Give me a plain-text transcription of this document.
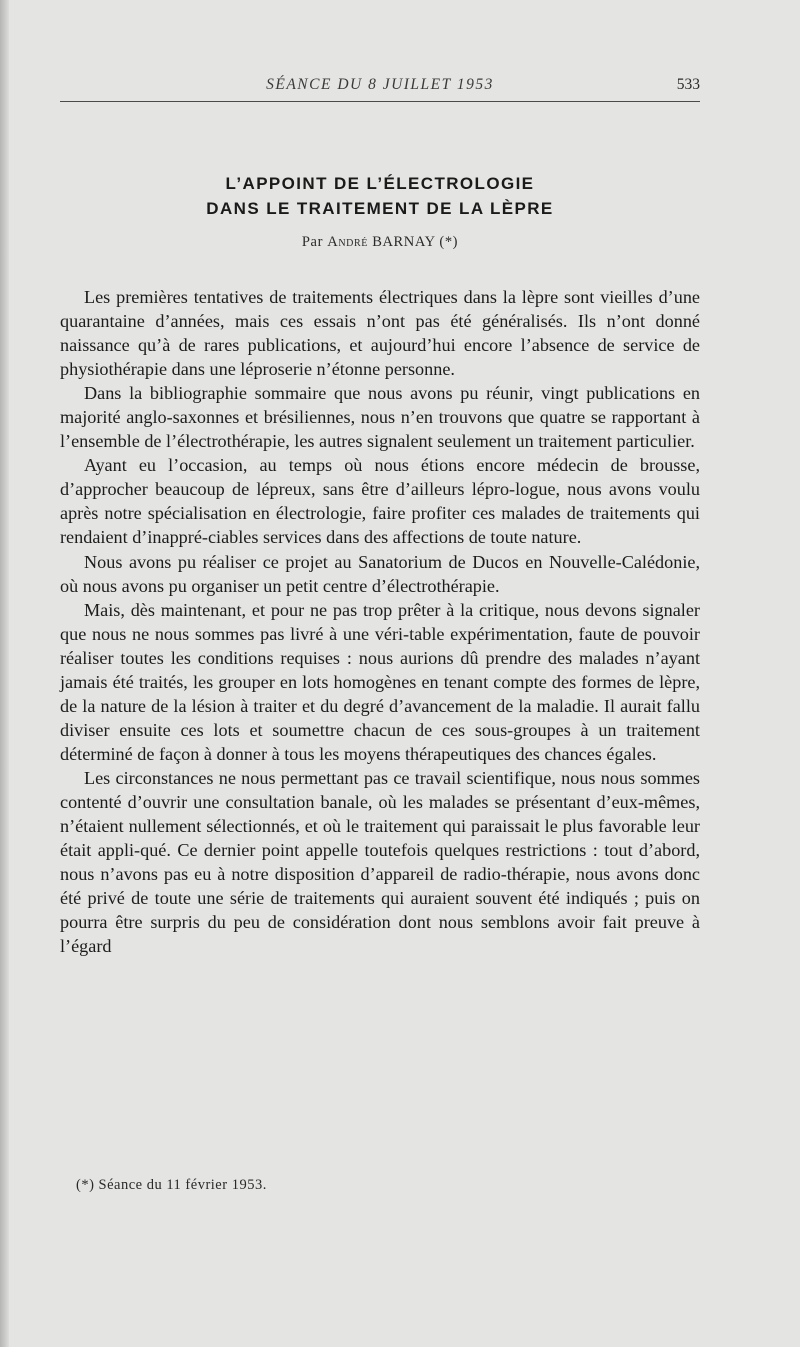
SÉANCE DU 8 JUILLET 1953	533
L’APPOINT DE L’ÉLECTROLOGIE
DANS LE TRAITEMENT DE LA LÈPRE
Par André BARNAY (*)

Les premières tentatives de traitements électriques dans la lèpre sont vieilles d’une quarantaine d’années, mais ces essais n’ont pas été généralisés. Ils n’ont donné naissance qu’à de rares publications, et aujourd’hui encore l’absence de service de physiothérapie dans une léproserie n’étonne personne.

Dans la bibliographie sommaire que nous avons pu réunir, vingt publications en majorité anglo-saxonnes et brésiliennes, nous n’en trouvons que quatre se rapportant à l’ensemble de l’électrothérapie, les autres signalent seulement un traitement particulier.

Ayant eu l’occasion, au temps où nous étions encore médecin de brousse, d’approcher beaucoup de lépreux, sans être d’ailleurs lépro-logue, nous avons voulu après notre spécialisation en électrologie, faire profiter ces malades de traitements qui rendaient d’inappré-ciables services dans des affections de toute nature.

Nous avons pu réaliser ce projet au Sanatorium de Ducos en Nouvelle-Calédonie, où nous avons pu organiser un petit centre d’électrothérapie.

Mais, dès maintenant, et pour ne pas trop prêter à la critique, nous devons signaler que nous ne nous sommes pas livré à une véri-table expérimentation, faute de pouvoir réaliser toutes les conditions requises : nous aurions dû prendre des malades n’ayant jamais été traités, les grouper en lots homogènes en tenant compte des formes de lèpre, de la nature de la lésion à traiter et du degré d’avancement de la maladie. Il aurait fallu diviser ensuite ces lots et soumettre chacun de ces sous-groupes à un traitement déterminé de façon à donner à tous les moyens thérapeutiques des chances égales.

Les circonstances ne nous permettant pas ce travail scientifique, nous nous sommes contenté d’ouvrir une consultation banale, où les malades se présentant d’eux-mêmes, n’étaient nullement sélectionnés, et où le traitement qui paraissait le plus favorable leur était appli-qué. Ce dernier point appelle toutefois quelques restrictions : tout d’abord, nous n’avons pas eu à notre disposition d’appareil de radio-thérapie, nous avons donc été privé de toute une série de traitements qui auraient souvent été indiqués ; puis on pourra être surpris du peu de considération dont nous semblons avoir fait preuve à l’égard

(*) Séance du 11 février 1953.
